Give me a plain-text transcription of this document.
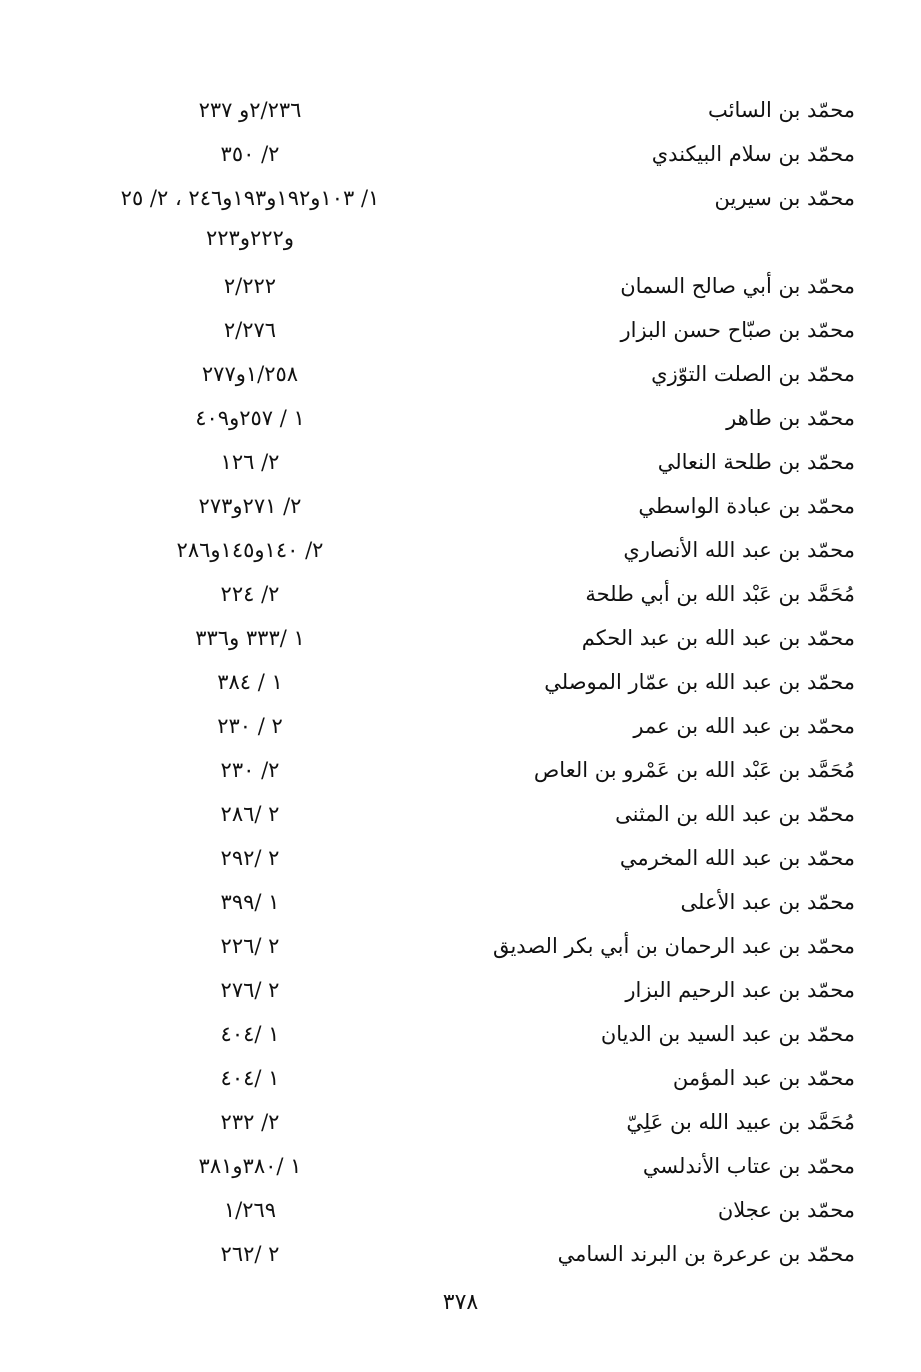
محمّد بن السائب
٢/٢٣٦و ٢٣٧
محمّد بن سلام البيكندي
٢/ ٣٥٠
محمّد بن سيرين
١/ ١٠٣و١٩٢و١٩٣و٢٤٦ ، ٢/ ٢٥
و٢٢٢و٢٢٣
محمّد بن أبي صالح السمان
٢/٢٢٢
محمّد بن صبّاح حسن البزار
٢/٢٧٦
محمّد بن الصلت التوّزي
١/٢٥٨و٢٧٧
محمّد بن طاهر
١ / ٢٥٧و٤٠٩
محمّد بن طلحة النعالي
٢/ ١٢٦
محمّد بن عبادة الواسطي
٢/ ٢٧١و٢٧٣
محمّد بن عبد الله الأنصاري
٢/ ١٤٠و١٤٥و٢٨٦
مُحَمَّد بن عَبْد الله بن أبي طلحة
٢/ ٢٢٤
محمّد بن عبد الله بن عبد الحكم
١ /٣٣٣ و٣٣٦
محمّد بن عبد الله بن عمّار الموصلي
١ / ٣٨٤
محمّد بن عبد الله بن عمر
٢ / ٢٣٠
مُحَمَّد بن عَبْد الله بن عَمْرو بن العاص
٢/ ٢٣٠
محمّد بن عبد الله بن المثنى
٢ /٢٨٦
محمّد بن عبد الله المخرمي
٢ /٢٩٢
محمّد بن عبد الأعلى
١ /٣٩٩
محمّد بن عبد الرحمان بن أبي بكر الصديق
٢ /٢٢٦
محمّد بن عبد الرحيم البزار
٢ /٢٧٦
محمّد بن عبد السيد بن الديان
١ /٤٠٤
محمّد بن عبد المؤمن
١ /٤٠٤
مُحَمَّد بن عبيد الله بن عَلِيّ
٢/ ٢٣٢
محمّد بن عتاب الأندلسي
١ /٣٨٠و٣٨١
محمّد بن عجلان
١/٢٦٩
محمّد بن عرعرة بن البرند السامي
٢ /٢٦٢
٣٧٨
